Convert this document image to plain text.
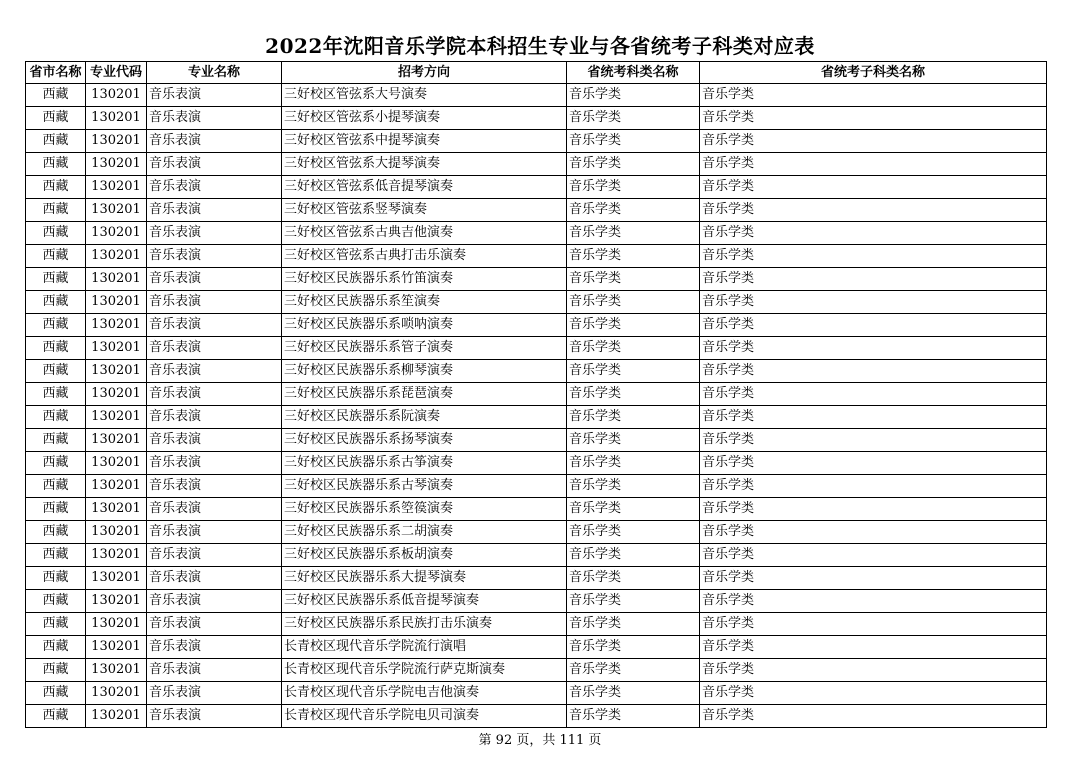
2022年沈阳音乐学院本科招生专业与各省统考子科类对应表
省市名称	专业代码	专业名称	招考方向	省统考科类名称	省统考子科类名称
西藏	130201	音乐表演	三好校区管弦系大号演奏	音乐学类	音乐学类
西藏	130201	音乐表演	三好校区管弦系小提琴演奏	音乐学类	音乐学类
西藏	130201	音乐表演	三好校区管弦系中提琴演奏	音乐学类	音乐学类
西藏	130201	音乐表演	三好校区管弦系大提琴演奏	音乐学类	音乐学类
西藏	130201	音乐表演	三好校区管弦系低音提琴演奏	音乐学类	音乐学类
西藏	130201	音乐表演	三好校区管弦系竖琴演奏	音乐学类	音乐学类
西藏	130201	音乐表演	三好校区管弦系古典吉他演奏	音乐学类	音乐学类
西藏	130201	音乐表演	三好校区管弦系古典打击乐演奏	音乐学类	音乐学类
西藏	130201	音乐表演	三好校区民族器乐系竹笛演奏	音乐学类	音乐学类
西藏	130201	音乐表演	三好校区民族器乐系笙演奏	音乐学类	音乐学类
西藏	130201	音乐表演	三好校区民族器乐系唢呐演奏	音乐学类	音乐学类
西藏	130201	音乐表演	三好校区民族器乐系管子演奏	音乐学类	音乐学类
西藏	130201	音乐表演	三好校区民族器乐系柳琴演奏	音乐学类	音乐学类
西藏	130201	音乐表演	三好校区民族器乐系琵琶演奏	音乐学类	音乐学类
西藏	130201	音乐表演	三好校区民族器乐系阮演奏	音乐学类	音乐学类
西藏	130201	音乐表演	三好校区民族器乐系扬琴演奏	音乐学类	音乐学类
西藏	130201	音乐表演	三好校区民族器乐系古筝演奏	音乐学类	音乐学类
西藏	130201	音乐表演	三好校区民族器乐系古琴演奏	音乐学类	音乐学类
西藏	130201	音乐表演	三好校区民族器乐系箜篌演奏	音乐学类	音乐学类
西藏	130201	音乐表演	三好校区民族器乐系二胡演奏	音乐学类	音乐学类
西藏	130201	音乐表演	三好校区民族器乐系板胡演奏	音乐学类	音乐学类
西藏	130201	音乐表演	三好校区民族器乐系大提琴演奏	音乐学类	音乐学类
西藏	130201	音乐表演	三好校区民族器乐系低音提琴演奏	音乐学类	音乐学类
西藏	130201	音乐表演	三好校区民族器乐系民族打击乐演奏	音乐学类	音乐学类
西藏	130201	音乐表演	长青校区现代音乐学院流行演唱	音乐学类	音乐学类
西藏	130201	音乐表演	长青校区现代音乐学院流行萨克斯演奏	音乐学类	音乐学类
西藏	130201	音乐表演	长青校区现代音乐学院电吉他演奏	音乐学类	音乐学类
西藏	130201	音乐表演	长青校区现代音乐学院电贝司演奏	音乐学类	音乐学类
第 92 页，共 111 页
